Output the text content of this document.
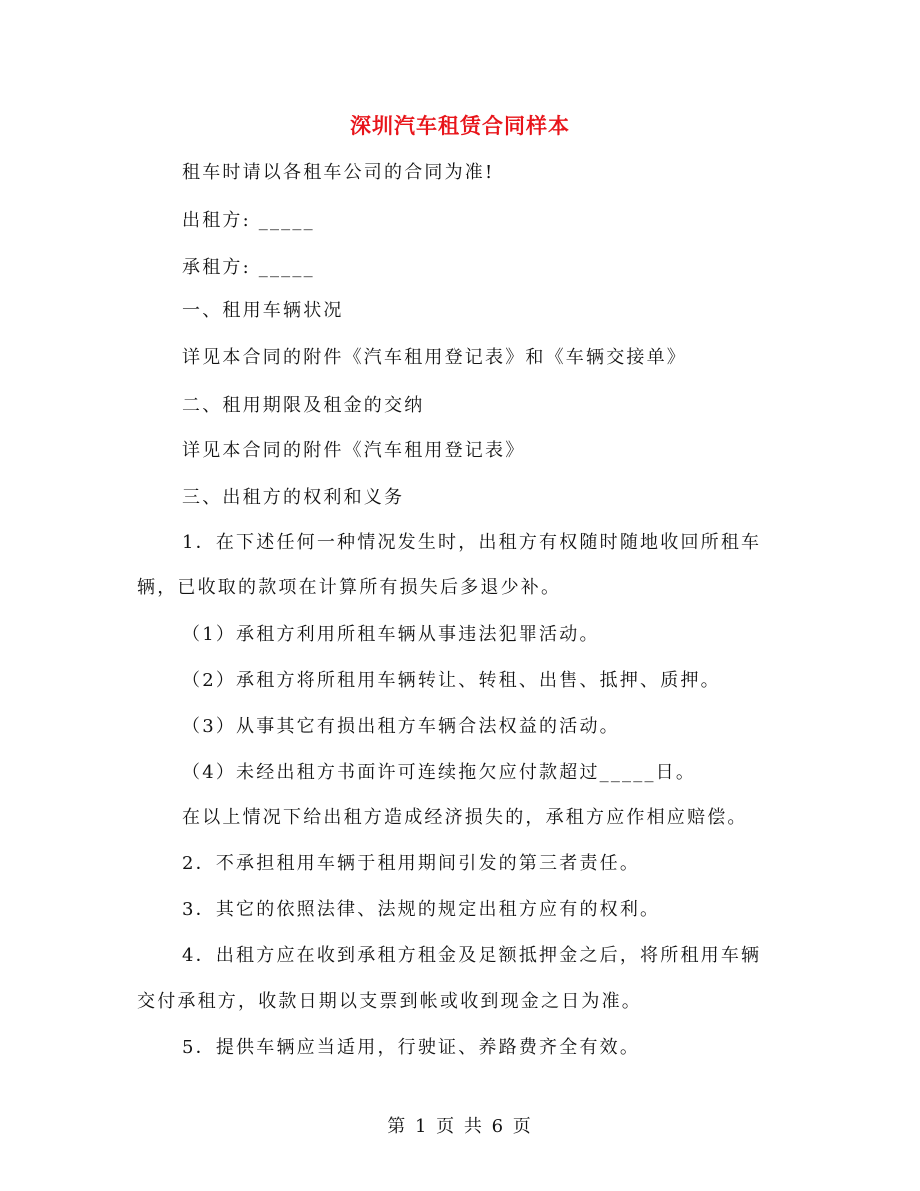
深圳汽车租赁合同样本
租车时请以各租车公司的合同为准!
出租方: _____
承租方: _____
一、租用车辆状况
详见本合同的附件《汽车租用登记表》和《车辆交接单》
二、租用期限及租金的交纳
详见本合同的附件《汽车租用登记表》
三、出租方的权利和义务
1．在下述任何一种情况发生时，出租方有权随时随地收回所租车
辆，已收取的款项在计算所有损失后多退少补。
（1）承租方利用所租车辆从事违法犯罪活动。
（2）承租方将所租用车辆转让、转租、出售、抵押、质押。
（3）从事其它有损出租方车辆合法权益的活动。
（4）未经出租方书面许可连续拖欠应付款超过_____日。
在以上情况下给出租方造成经济损失的，承租方应作相应赔偿。
2．不承担租用车辆于租用期间引发的第三者责任。
3．其它的依照法律、法规的规定出租方应有的权利。
4．出租方应在收到承租方租金及足额抵押金之后，将所租用车辆
交付承租方，收款日期以支票到帐或收到现金之日为准。
5．提供车辆应当适用，行驶证、养路费齐全有效。
第 1 页 共 6 页
